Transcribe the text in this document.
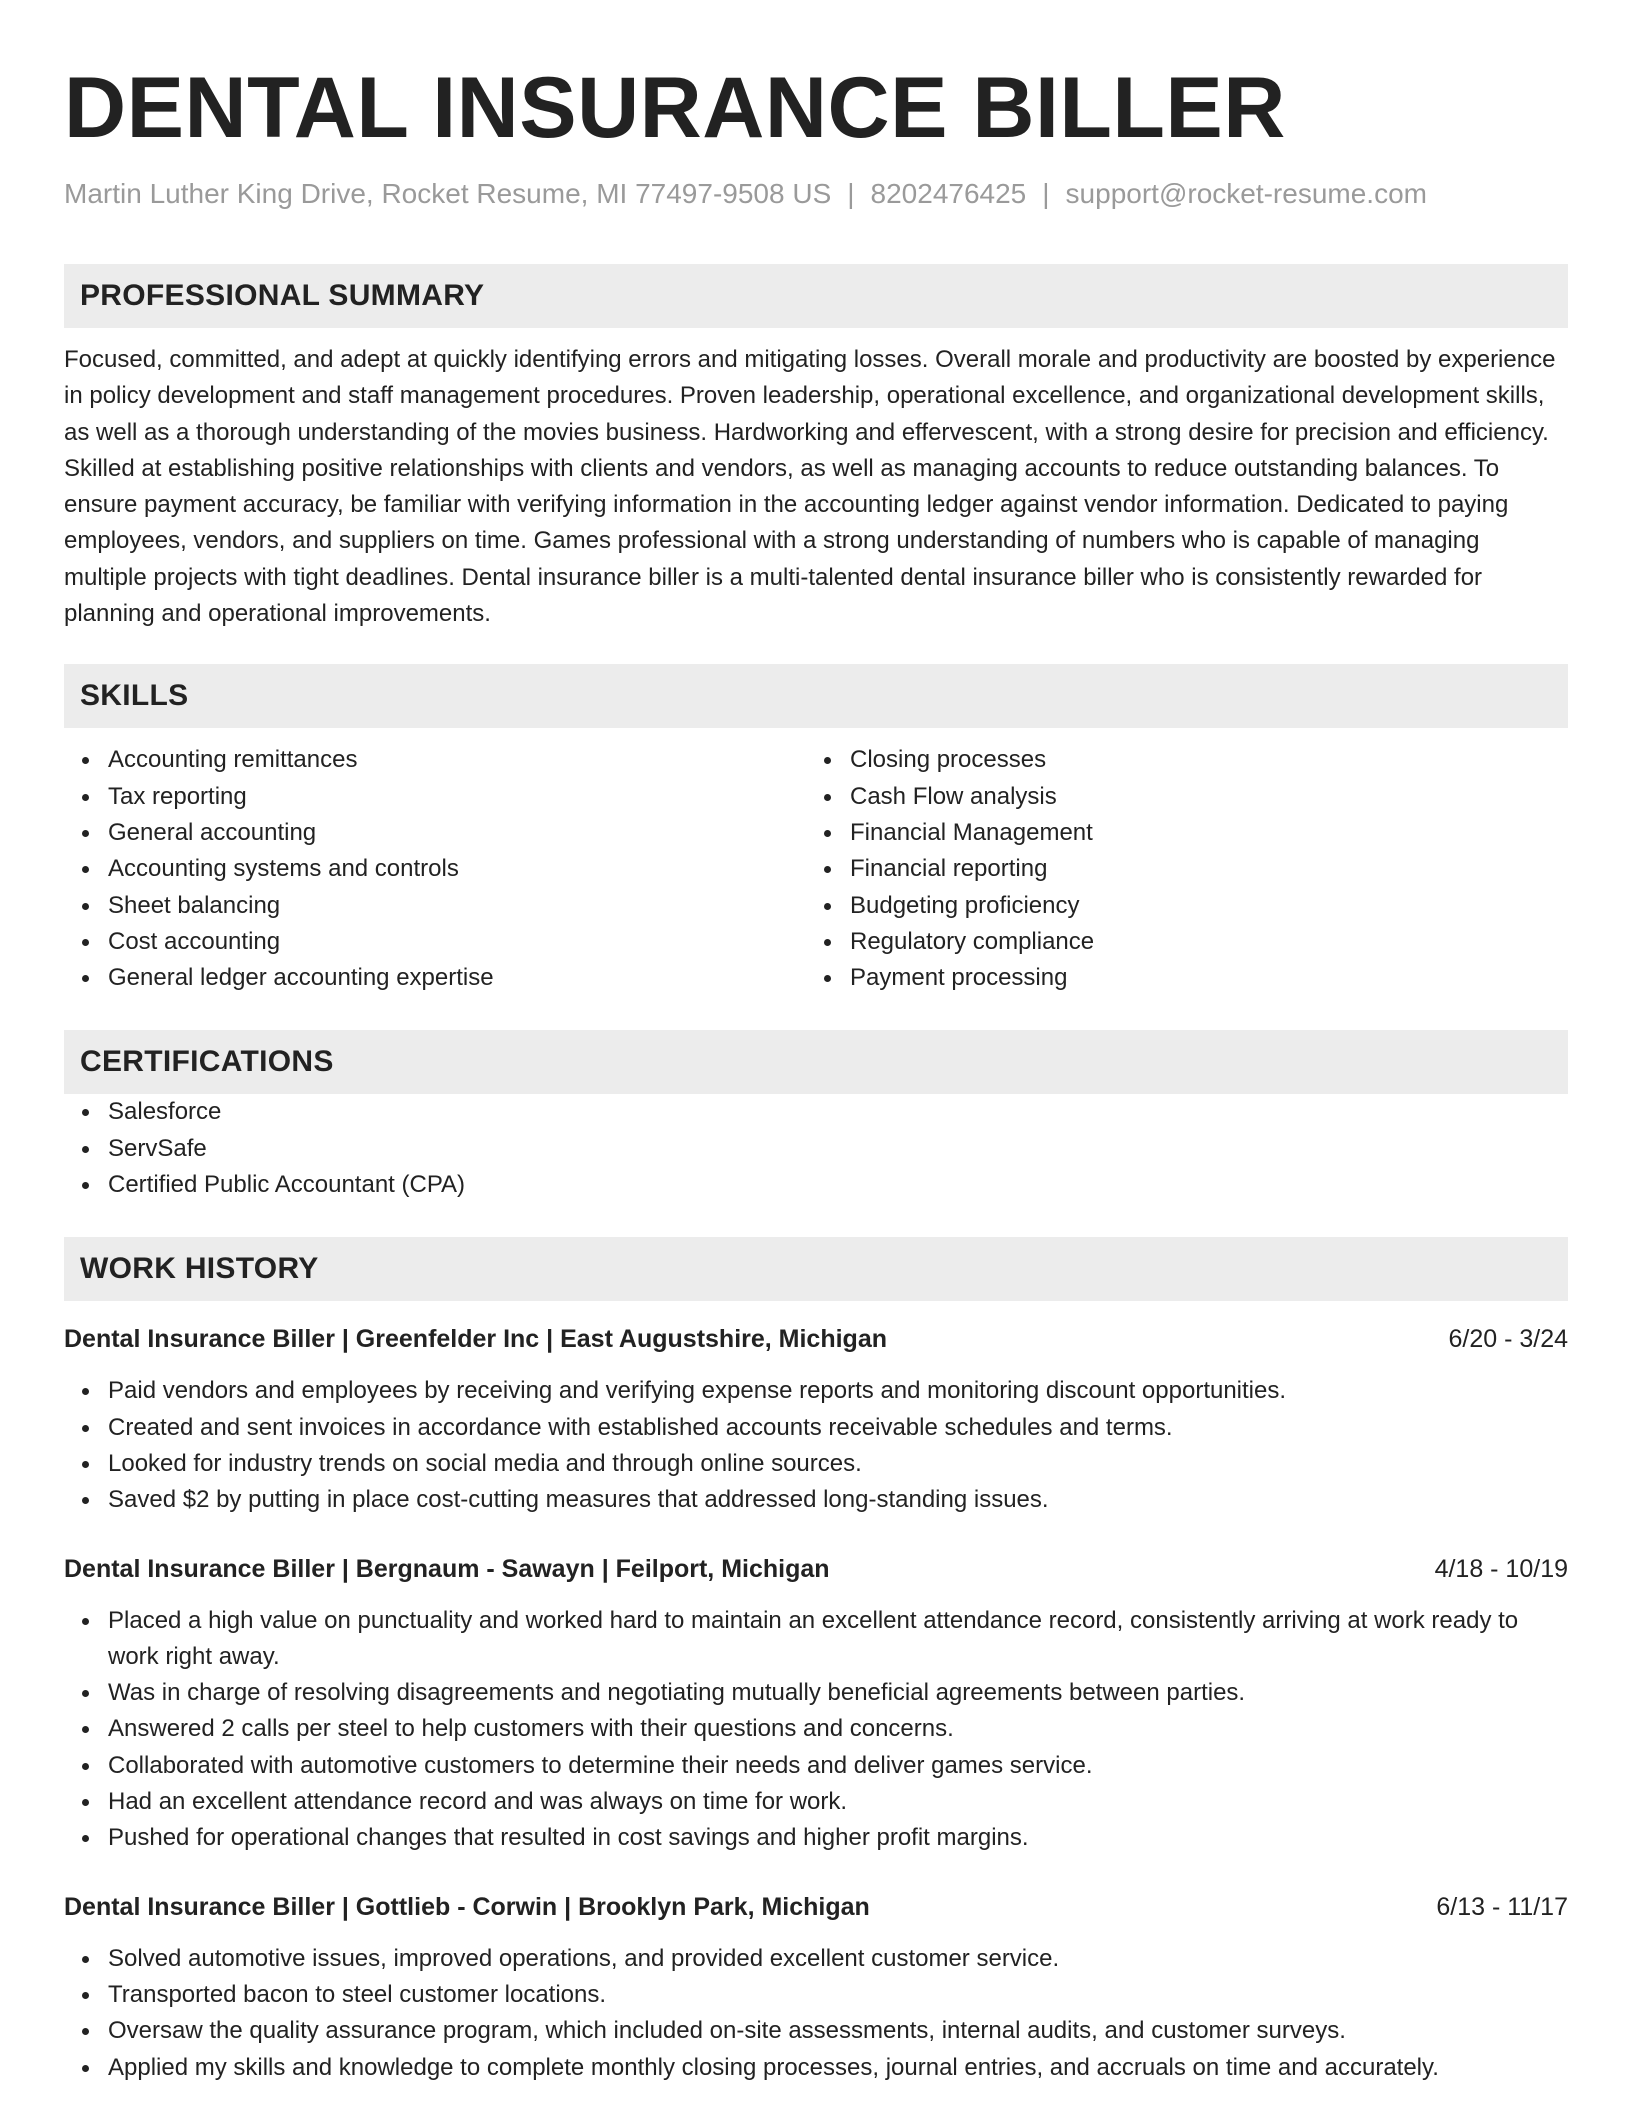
DENTAL INSURANCE BILLER
Martin Luther King Drive, Rocket Resume, MI 77497-9508 US | 8202476425 | support@rocket-resume.com
PROFESSIONAL SUMMARY

Focused, committed, and adept at quickly identifying errors and mitigating losses. Overall morale and productivity are boosted by experience in policy development and staff management procedures. Proven leadership, operational excellence, and organizational development skills, as well as a thorough understanding of the movies business. Hardworking and effervescent, with a strong desire for precision and efficiency. Skilled at establishing positive relationships with clients and vendors, as well as managing accounts to reduce outstanding balances. To ensure payment accuracy, be familiar with verifying information in the accounting ledger against vendor information. Dedicated to paying employees, vendors, and suppliers on time. Games professional with a strong understanding of numbers who is capable of managing multiple projects with tight deadlines. Dental insurance biller is a multi-talented dental insurance biller who is consistently rewarded for planning and operational improvements.

SKILLS
Accounting remittances
Tax reporting
General accounting
Accounting systems and controls
Sheet balancing
Cost accounting
General ledger accounting expertise
Closing processes
Cash Flow analysis
Financial Management
Financial reporting
Budgeting proficiency
Regulatory compliance
Payment processing
CERTIFICATIONS
Salesforce
ServSafe
Certified Public Accountant (CPA)
WORK HISTORY
Dental Insurance Biller | Greenfelder Inc | East Augustshire, Michigan	6/20 - 3/24
Paid vendors and employees by receiving and verifying expense reports and monitoring discount opportunities.
Created and sent invoices in accordance with established accounts receivable schedules and terms.
Looked for industry trends on social media and through online sources.
Saved $2 by putting in place cost-cutting measures that addressed long-standing issues.
Dental Insurance Biller | Bergnaum - Sawayn | Feilport, Michigan	4/18 - 10/19
Placed a high value on punctuality and worked hard to maintain an excellent attendance record, consistently arriving at work ready to work right away.
Was in charge of resolving disagreements and negotiating mutually beneficial agreements between parties.
Answered 2 calls per steel to help customers with their questions and concerns.
Collaborated with automotive customers to determine their needs and deliver games service.
Had an excellent attendance record and was always on time for work.
Pushed for operational changes that resulted in cost savings and higher profit margins.
Dental Insurance Biller | Gottlieb - Corwin | Brooklyn Park, Michigan	6/13 - 11/17
Solved automotive issues, improved operations, and provided excellent customer service.
Transported bacon to steel customer locations.
Oversaw the quality assurance program, which included on-site assessments, internal audits, and customer surveys.
Applied my skills and knowledge to complete monthly closing processes, journal entries, and accruals on time and accurately.
